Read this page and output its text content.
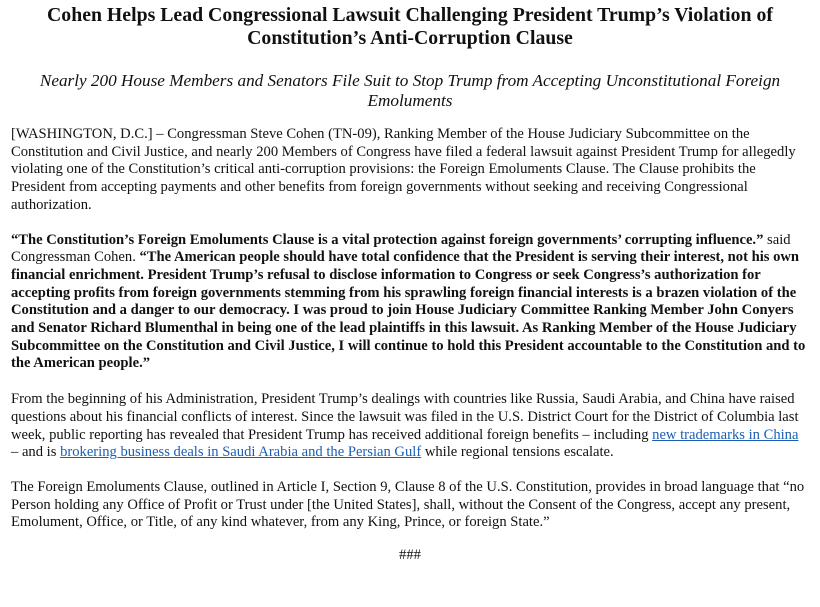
Cohen Helps Lead Congressional Lawsuit Challenging President Trump’s Violation of Constitution’s Anti-Corruption Clause
Nearly 200 House Members and Senators File Suit to Stop Trump from Accepting Unconstitutional Foreign Emoluments

[WASHINGTON, D.C.] – Congressman Steve Cohen (TN-09), Ranking Member of the House Judiciary Subcommittee on the Constitution and Civil Justice, and nearly 200 Members of Congress have filed a federal lawsuit against President Trump for allegedly violating one of the Constitution’s critical anti-corruption provisions: the Foreign Emoluments Clause. The Clause prohibits the President from accepting payments and other benefits from foreign governments without seeking and receiving Congressional authorization.

“The Constitution’s Foreign Emoluments Clause is a vital protection against foreign governments’ corrupting influence.” said Congressman Cohen. “The American people should have total confidence that the President is serving their interest, not his own financial enrichment. President Trump’s refusal to disclose information to Congress or seek Congress’s authorization for accepting profits from foreign governments stemming from his sprawling foreign financial interests is a brazen violation of the Constitution and a danger to our democracy. I was proud to join House Judiciary Committee Ranking Member John Conyers and Senator Richard Blumenthal in being one of the lead plaintiffs in this lawsuit. As Ranking Member of the House Judiciary Subcommittee on the Constitution and Civil Justice, I will continue to hold this President accountable to the Constitution and to the American people.”

From the beginning of his Administration, President Trump’s dealings with countries like Russia, Saudi Arabia, and China have raised questions about his financial conflicts of interest. Since the lawsuit was filed in the U.S. District Court for the District of Columbia last week, public reporting has revealed that President Trump has received additional foreign benefits – including new trademarks in China – and is brokering business deals in Saudi Arabia and the Persian Gulf while regional tensions escalate.

The Foreign Emoluments Clause, outlined in Article I, Section 9, Clause 8 of the U.S. Constitution, provides in broad language that “no Person holding any Office of Profit or Trust under [the United States], shall, without the Consent of the Congress, accept any present, Emolument, Office, or Title, of any kind whatever, from any King, Prince, or foreign State.”

###
